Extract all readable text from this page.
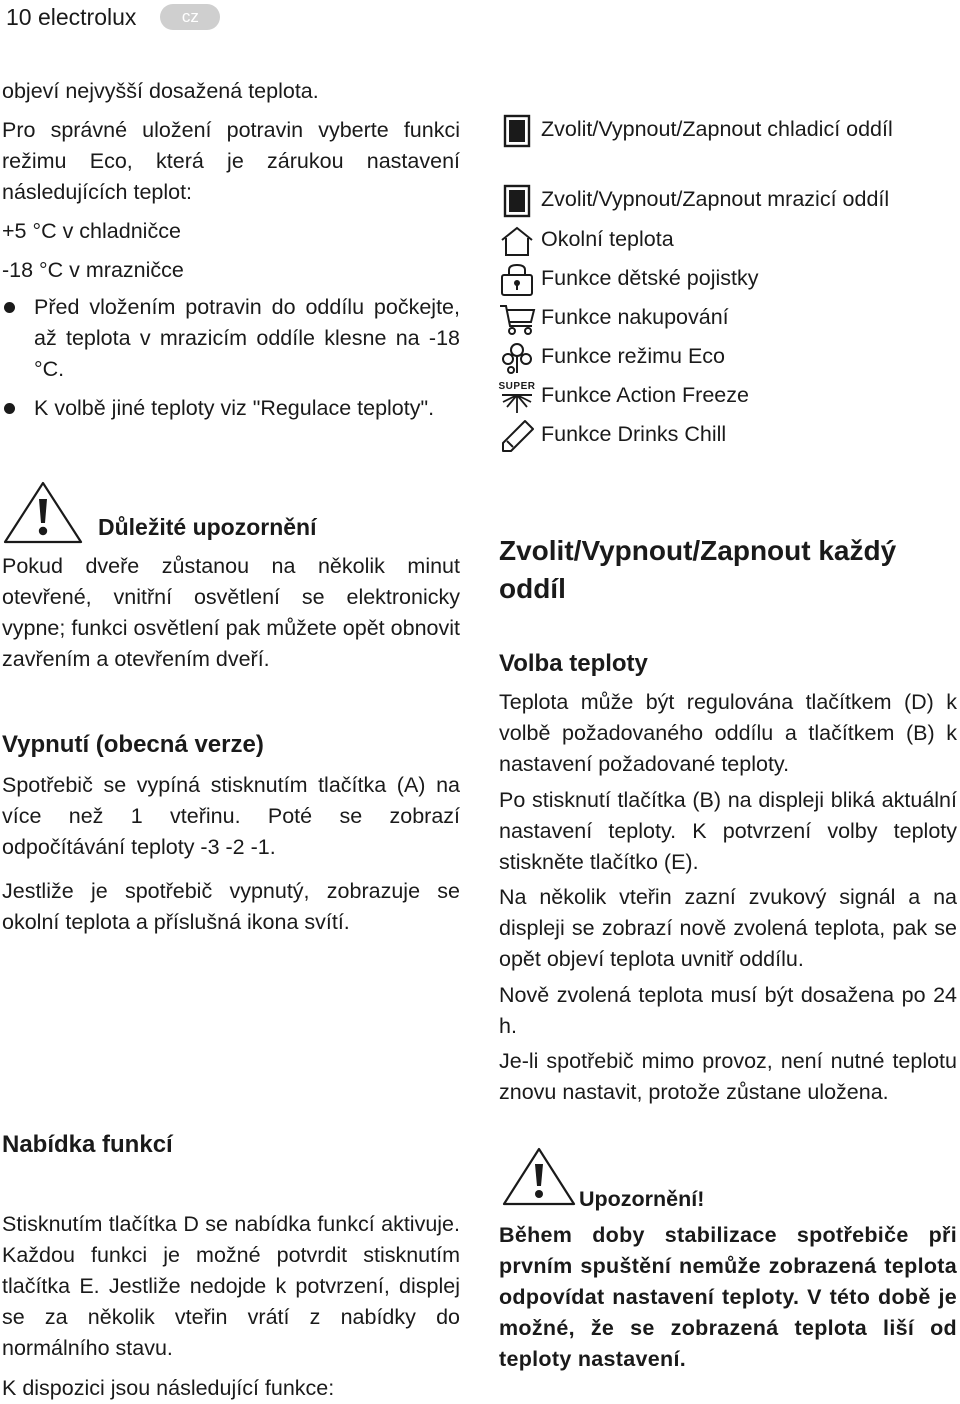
10 electrolux	cz

objeví nejvyšší dosažená teplota.

Pro správné uložení potravin vyberte funkci režimu Eco, která je zárukou nastavení následujících teplot:

+5 °C v chladničce

-18 °C v mrazničce

Před vložením potravin do oddílu počkejte, až teplota v mrazicím oddíle klesne na -18 °C.

K volbě jiné teploty viz "Regulace teploty".

Důležité upozornění

Pokud dveře zůstanou na několik minut otevřené, vnitřní osvětlení se elektronicky vypne; funkci osvětlení pak můžete opět obnovit zavřením a otevřením dveří.

Vypnutí (obecná verze)

Spotřebič se vypíná stisknutím tlačítka (A) na více než 1 vteřinu. Poté se zobrazí odpočítávání teploty -3 -2 -1.

Jestliže je spotřebič vypnutý, zobrazuje se okolní teplota a příslušná ikona svítí.

Nabídka funkcí

Stisknutím tlačítka D se nabídka funkcí aktivuje. Každou funkci je možné potvrdit stisknutím tlačítka E. Jestliže nedojde k potvrzení, displej se za několik vteřin vrátí z nabídky do normálního stavu.

K dispozici jsou následující funkce:

Zvolit/Vypnout/Zapnout chladicí oddíl
Zvolit/Vypnout/Zapnout mrazicí oddíl
Okolní teplota
Funkce dětské pojistky
Funkce nakupování
Funkce režimu Eco
SUPER Funkce Action Freeze
Funkce Drinks Chill

Zvolit/Vypnout/Zapnout každý oddíl

Volba teploty

Teplota může být regulována tlačítkem (D) k volbě požadovaného oddílu a tlačítkem (B) k nastavení požadované teploty.

Po stisknutí tlačítka (B) na displeji bliká aktuální nastavení teploty. K potvrzení volby teploty stiskněte tlačítko (E).

Na několik vteřin zazní zvukový signál a na displeji se zobrazí nově zvolená teplota, pak se opět objeví teplota uvnitř oddílu.

Nově zvolená teplota musí být dosažena po 24 h.

Je-li spotřebič mimo provoz, není nutné teplotu znovu nastavit, protože zůstane uložena.

Upozornění!

Během doby stabilizace spotřebiče při prvním spuštění nemůže zobrazená teplota odpovídat nastavení teploty. V této době je možné, že se zobrazená teplota liší od teploty nastavení.
